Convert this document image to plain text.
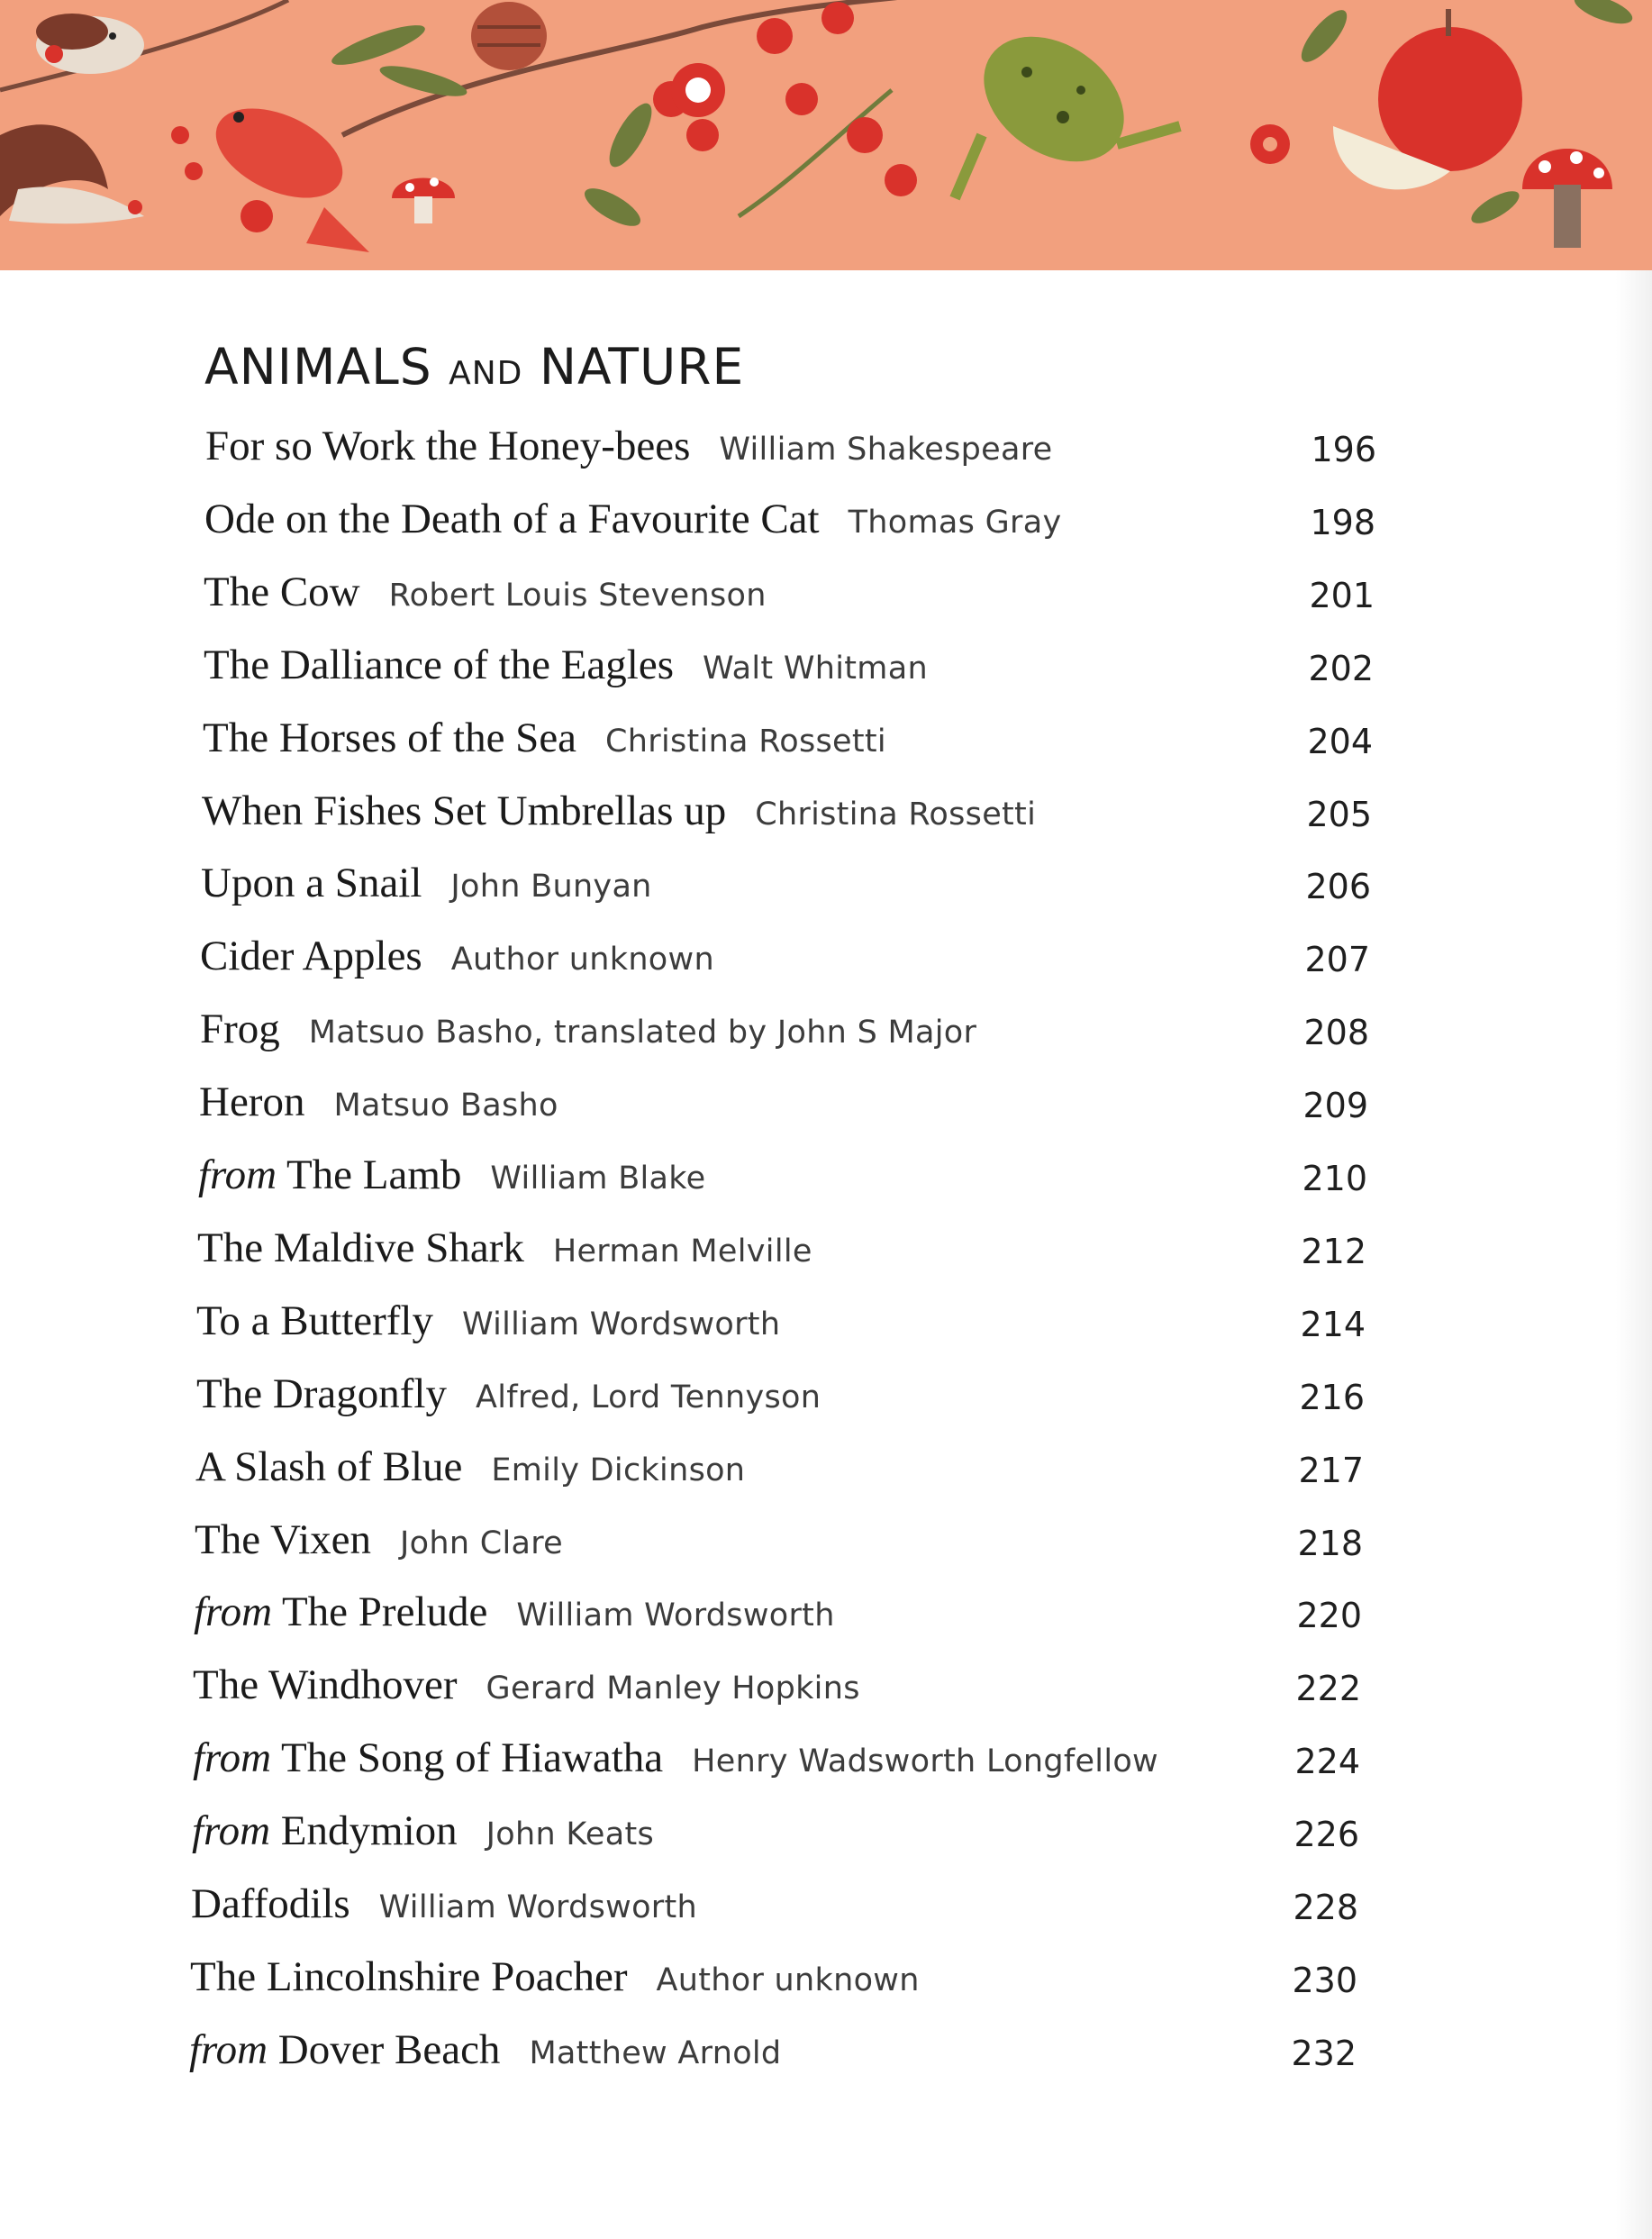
ANIMALS AND NATURE
For so Work the Honey-bees William Shakespeare	196
Ode on the Death of a Favourite Cat Thomas Gray	198
The Cow Robert Louis Stevenson	201
The Dalliance of the Eagles Walt Whitman	202
The Horses of the Sea Christina Rossetti	204
When Fishes Set Umbrellas up Christina Rossetti	205
Upon a Snail John Bunyan	206
Cider Apples Author unknown	207
Frog Matsuo Basho, translated by John S Major	208
Heron Matsuo Basho	209
from The Lamb William Blake	210
The Maldive Shark Herman Melville	212
To a Butterfly William Wordsworth	214
The Dragonfly Alfred, Lord Tennyson	216
A Slash of Blue Emily Dickinson	217
The Vixen John Clare	218
from The Prelude William Wordsworth	220
The Windhover Gerard Manley Hopkins	222
from The Song of Hiawatha Henry Wadsworth Longfellow	224
from Endymion John Keats	226
Daffodils William Wordsworth	228
The Lincolnshire Poacher Author unknown	230
from Dover Beach Matthew Arnold	232
